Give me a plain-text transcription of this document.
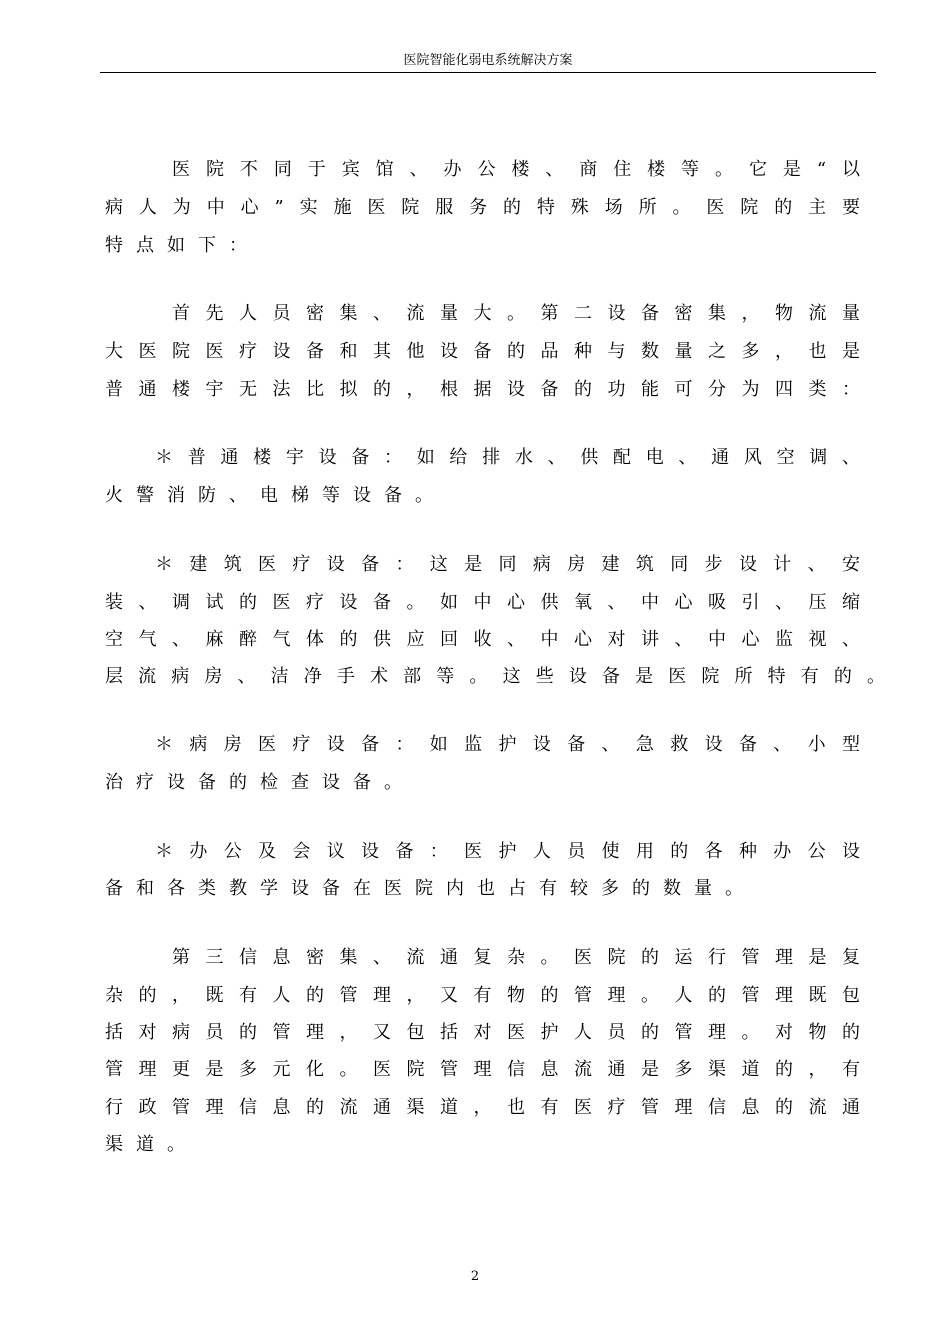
医院智能化弱电系统解决方案
医院不同于宾馆、办公楼、商住楼等。它是“以
病人为中心”实施医院服务的特殊场所。医院的主要
特点如下：
首先人员密集、流量大。第二设备密集，物流量
大医院医疗设备和其他设备的品种与数量之多，也是
普通楼宇无法比拟的，根据设备的功能可分为四类：
＊普通楼宇设备：如给排水、供配电、通风空调、
火警消防、电梯等设备。
＊建筑医疗设备：这是同病房建筑同步设计、安
装、调试的医疗设备。如中心供氧、中心吸引、压缩
空气、麻醉气体的供应回收、中心对讲、中心监视、
层流病房、洁净手术部等。这些设备是医院所特有的。
＊病房医疗设备：如监护设备、急救设备、小型
治疗设备的检查设备。
＊办公及会议设备：医护人员使用的各种办公设
备和各类教学设备在医院内也占有较多的数量。
第三信息密集、流通复杂。医院的运行管理是复
杂的，既有人的管理，又有物的管理。人的管理既包
括对病员的管理，又包括对医护人员的管理。对物的
管理更是多元化。医院管理信息流通是多渠道的，有
行政管理信息的流通渠道，也有医疗管理信息的流通
渠道。
2
